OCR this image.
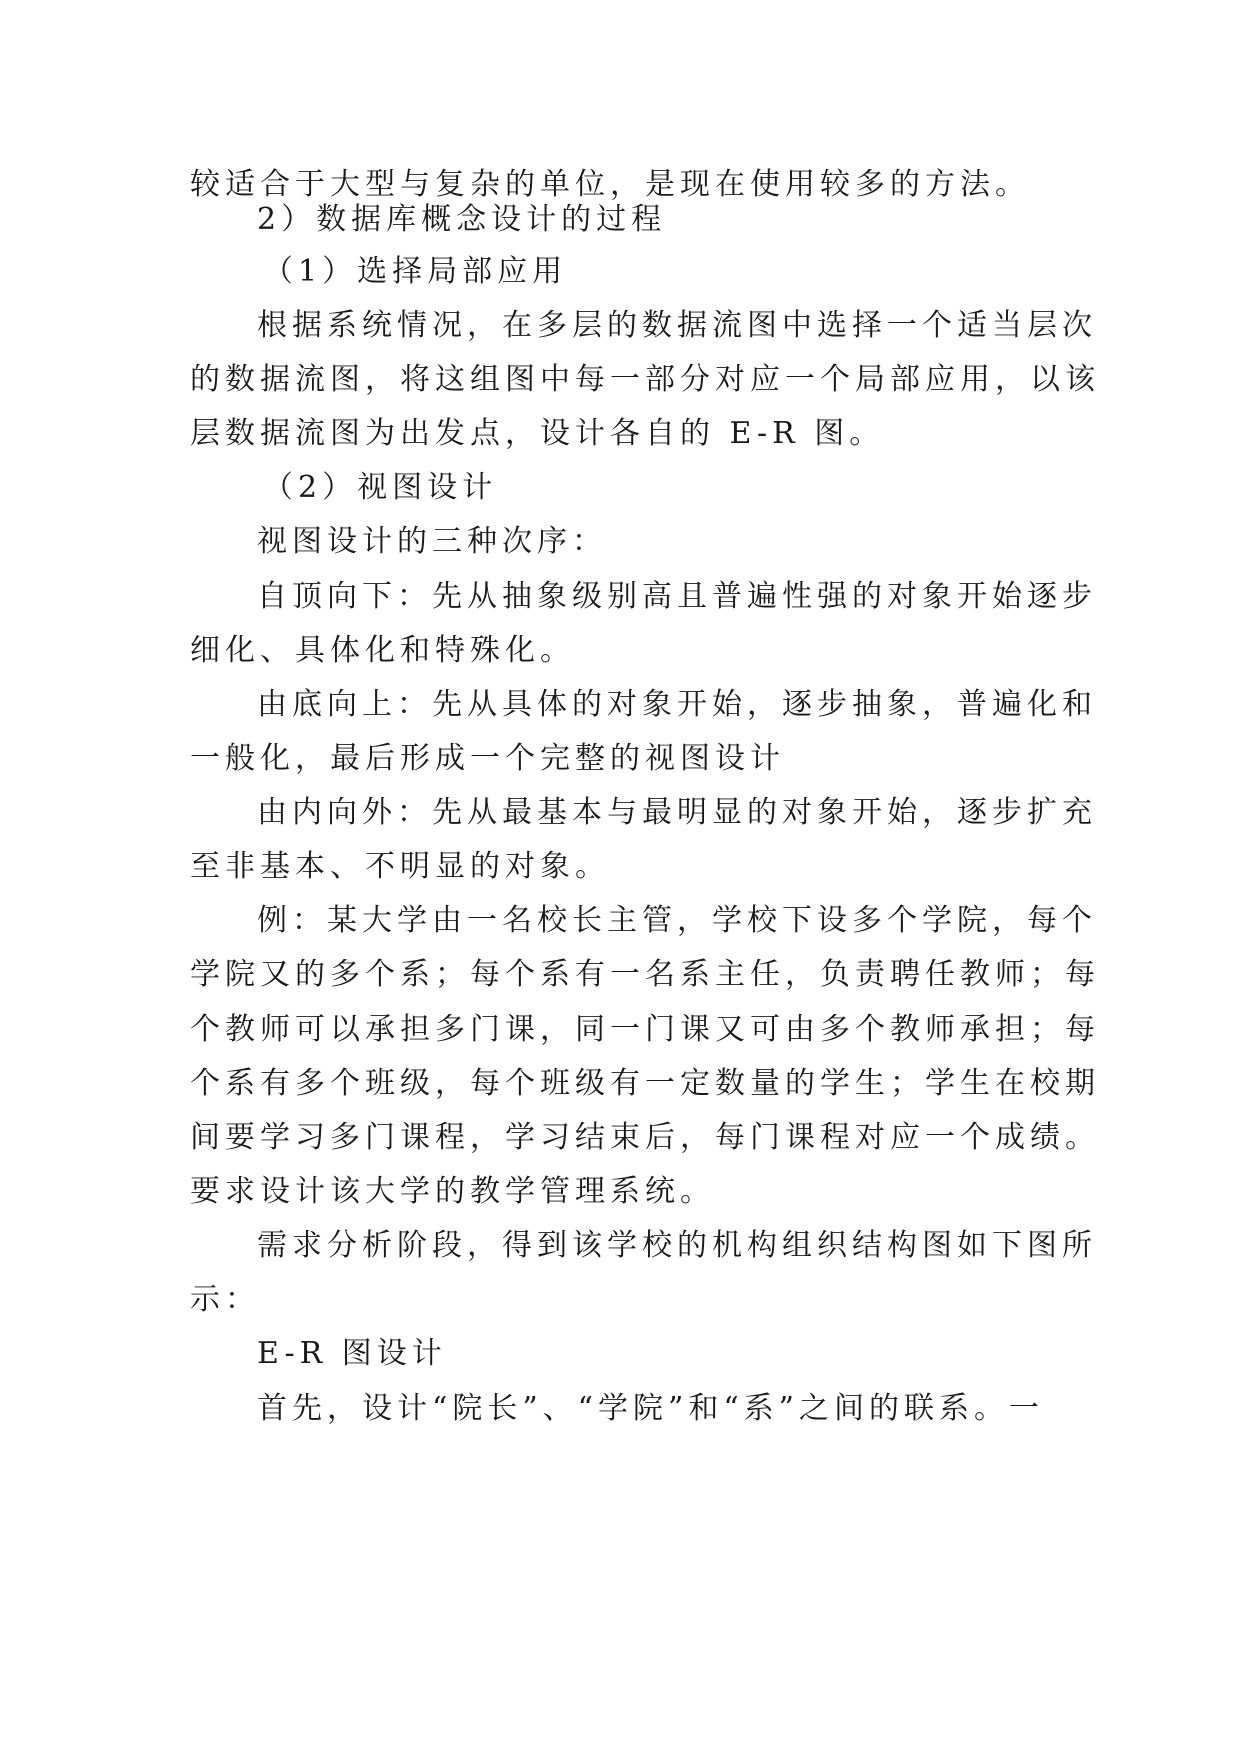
较适合于大型与复杂的单位，是现在使用较多的方法。
2）数据库概念设计的过程
（1）选择局部应用
根据系统情况，在多层的数据流图中选择一个适当层次
的数据流图，将这组图中每一部分对应一个局部应用，以该
层数据流图为出发点，设计各自的 E-R 图。
（2）视图设计
视图设计的三种次序：
自顶向下：先从抽象级别高且普遍性强的对象开始逐步
细化、具体化和特殊化。
由底向上：先从具体的对象开始，逐步抽象，普遍化和
一般化，最后形成一个完整的视图设计
由内向外：先从最基本与最明显的对象开始，逐步扩充
至非基本、不明显的对象。
例：某大学由一名校长主管，学校下设多个学院，每个
学院又的多个系；每个系有一名系主任，负责聘任教师；每
个教师可以承担多门课，同一门课又可由多个教师承担；每
个系有多个班级，每个班级有一定数量的学生；学生在校期
间要学习多门课程，学习结束后，每门课程对应一个成绩。
要求设计该大学的教学管理系统。
需求分析阶段，得到该学校的机构组织结构图如下图所
示：
E-R 图设计
首先，设计“院长”、“学院”和“系”之间的联系。一
